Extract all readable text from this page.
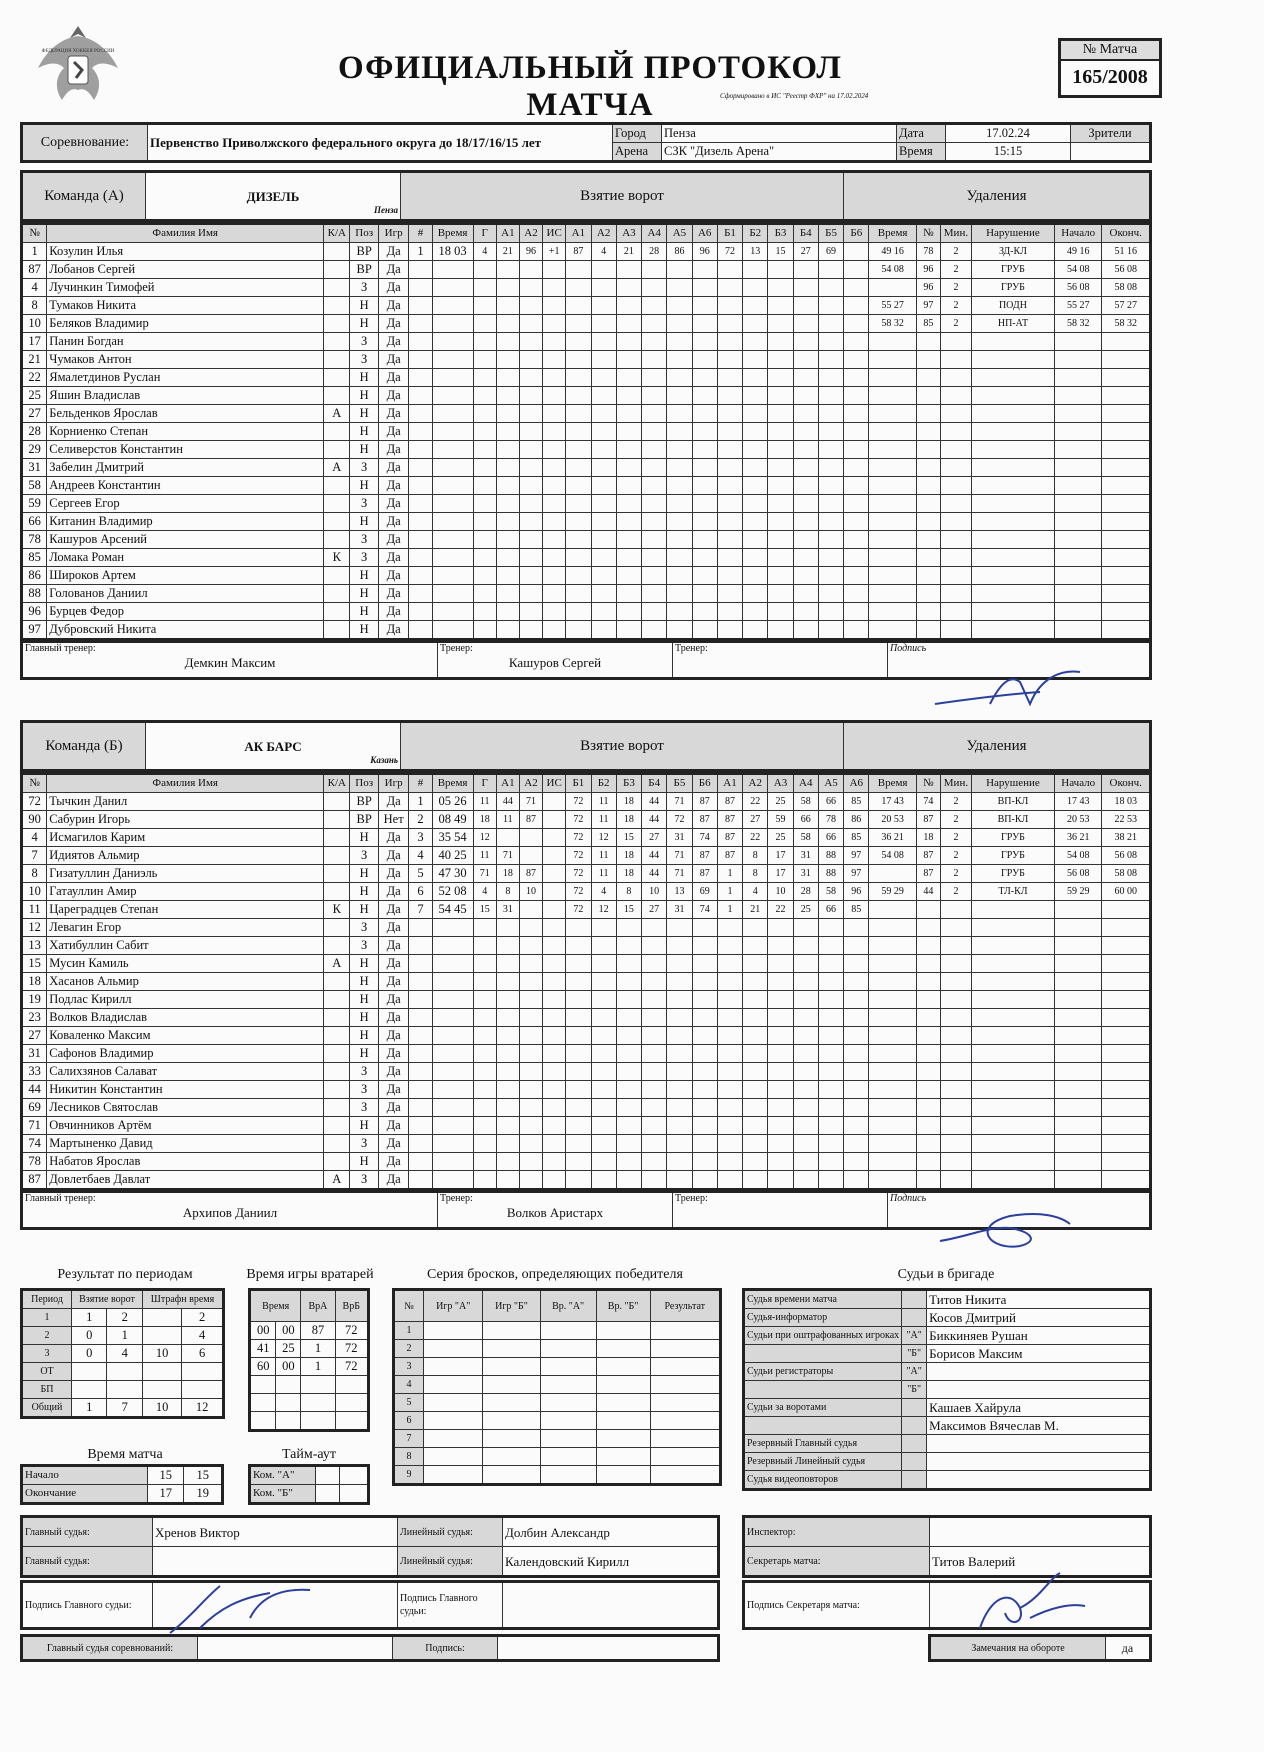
ФЕДЕРАЦИЯ ХОККЕЯ РОССИИ	ОФИЦИАЛЬНЫЙ ПРОТОКОЛ МАТЧА	Сформировано в ИС "Реестр ФХР" на 17.02.2024
№ Матча
165/2008
Соревнование:	Первенство Приволжского федерального округа до 18/17/16/15 лет	Город	Пенза	Дата	17.02.24	Зрители
		Арена	СЗК "Дизель Арена"	Время	15:15	
Команда (А)	ДИЗЕЛЬ
Пенза
	Взятие ворот	Удаления
№	Фамилия Имя	К/А	Поз	Игр	#	Время	Г	А1	А2	ИС	А1	А2	А3	А4	А5	А6	Б1	Б2	Б3	Б4	Б5	Б6	Время	№	Мин.	Нарушение	Начало	Оконч.
1	Козулин Илья		ВР	Да	1	18 03	4	21	96	+1	87	4	21	28	86	96	72	13	15	27	69		49 16	78	2	ЗД-КЛ	49 16	51 16
87	Лобанов Сергей		ВР	Да																			54 08	96	2	ГРУБ	54 08	56 08
4	Лучинкин Тимофей		З	Да																				96	2	ГРУБ	56 08	58 08
8	Тумаков Никита		Н	Да																			55 27	97	2	ПОДН	55 27	57 27
10	Беляков Владимир		Н	Да																			58 32	85	2	НП-АТ	58 32	58 32
17	Панин Богдан		З	Да																								
21	Чумаков Антон		З	Да																								
22	Ямалетдинов Руслан		Н	Да																								
25	Яшин Владислав		Н	Да																								
27	Бельденков Ярослав	А	Н	Да																								
28	Корниенко Степан		Н	Да																								
29	Селиверстов Константин		Н	Да																								
31	Забелин Дмитрий	А	З	Да																								
58	Андреев Константин		Н	Да																								
59	Сергеев Егор		З	Да																								
66	Китанин Владимир		Н	Да																								
78	Кашуров Арсений		З	Да																								
85	Ломака Роман	К	З	Да																								
86	Широков Артем		Н	Да																								
88	Голованов Даниил		Н	Да																								
96	Бурцев Федор		Н	Да																								
97	Дубровский Никита		Н	Да																								
Главный тренер:
Демкин Максим

Тренер:
Кашуров Сергей

Тренер:	Подпись
Команда (Б)	АК БАРС
Казань
	Взятие ворот	Удаления
№	Фамилия Имя	К/А	Поз	Игр	#	Время	Г	А1	А2	ИС	Б1	Б2	Б3	Б4	Б5	Б6	А1	А2	А3	А4	А5	А6	Время	№	Мин.	Нарушение	Начало	Оконч.
72	Тычкин Данил		ВР	Да	1	05 26	11	44	71		72	11	18	44	71	87	87	22	25	58	66	85	17 43	74	2	ВП-КЛ	17 43	18 03
90	Сабурин Игорь		ВР	Нет	2	08 49	18	11	87		72	11	18	44	72	87	87	27	59	66	78	86	20 53	87	2	ВП-КЛ	20 53	22 53
4	Исмагилов Карим		Н	Да	3	35 54	12				72	12	15	27	31	74	87	22	25	58	66	85	36 21	18	2	ГРУБ	36 21	38 21
7	Идиятов Альмир		З	Да	4	40 25	11	71			72	11	18	44	71	87	87	8	17	31	88	97	54 08	87	2	ГРУБ	54 08	56 08
8	Гизатуллин Даниэль		Н	Да	5	47 30	71	18	87		72	11	18	44	71	87	1	8	17	31	88	97		87	2	ГРУБ	56 08	58 08
10	Гатауллин Амир		Н	Да	6	52 08	4	8	10		72	4	8	10	13	69	1	4	10	28	58	96	59 29	44	2	ТЛ-КЛ	59 29	60 00
11	Цареградцев Степан	К	Н	Да	7	54 45	15	31			72	12	15	27	31	74	1	21	22	25	66	85						
12	Левагин Егор		З	Да																								
13	Хатибуллин Сабит		З	Да																								
15	Мусин Камиль	А	Н	Да																								
18	Хасанов Альмир		Н	Да																								
19	Подлас Кирилл		Н	Да																								
23	Волков Владислав		Н	Да																								
27	Коваленко Максим		Н	Да																								
31	Сафонов Владимир		Н	Да																								
33	Салихзянов Салават		З	Да																								
44	Никитин Константин		З	Да																								
69	Лесников Святослав		З	Да																								
71	Овчинников Артём		Н	Да																								
74	Мартыненко Давид		З	Да																								
78	Набатов Ярослав		Н	Да																								
87	Довлетбаев Давлат	А	З	Да																								
Главный тренер:
Архипов Даниил

Тренер:
Волков Аристарх

Тренер:	Подпись
Результат по периодам
Период	Взятие ворот		Штрафн время	
1	1	2		2
2	0	1		4
3	0	4	10	6
ОТ				
БП				
Общий	1	7	10	12
Время игры вратарей
Время		ВрА	ВрБ
00	00	87	72
41	25	1	72
60	00	1	72

Время матча
Начало	15	15
Окончание	17	19
Тайм-аут
Ком. "А"		
Ком. "Б"		
Серия бросков, определяющих победителя
№	Игр "А"	Игр "Б"	Вр. "А"	Вр. "Б"	Результат
1					
2					
3					
4					
5					
6					
7					
8					
9					
Судьи в бригаде
Судья времени матча		Титов Никита
Судья-информатор		Косов Дмитрий
Судьи при оштрафованных игроках	"А"	Биккиняев Рушан
	"Б"	Борисов Максим
Судьи регистраторы	"А"	
	"Б"	
Судьи за воротами		Кашаев Хайрула
		Максимов Вячеслав М.
Резервный Главный судья		
Резервный Линейный судья		
Судья видеоповторов		
Главный судья:	Хренов Виктор	Линейный судья:	Долбин Александр
Главный судья:		Линейный судья:	Календовский Кирилл
Инспектор:	
Секретарь матча:	Титов Валерий
Подпись Главного судьи:		Подпись Главного судьи:	
Подпись Секретаря матча:	
Главный судья соревнований:		Подпись:		Замечания на обороте	да
